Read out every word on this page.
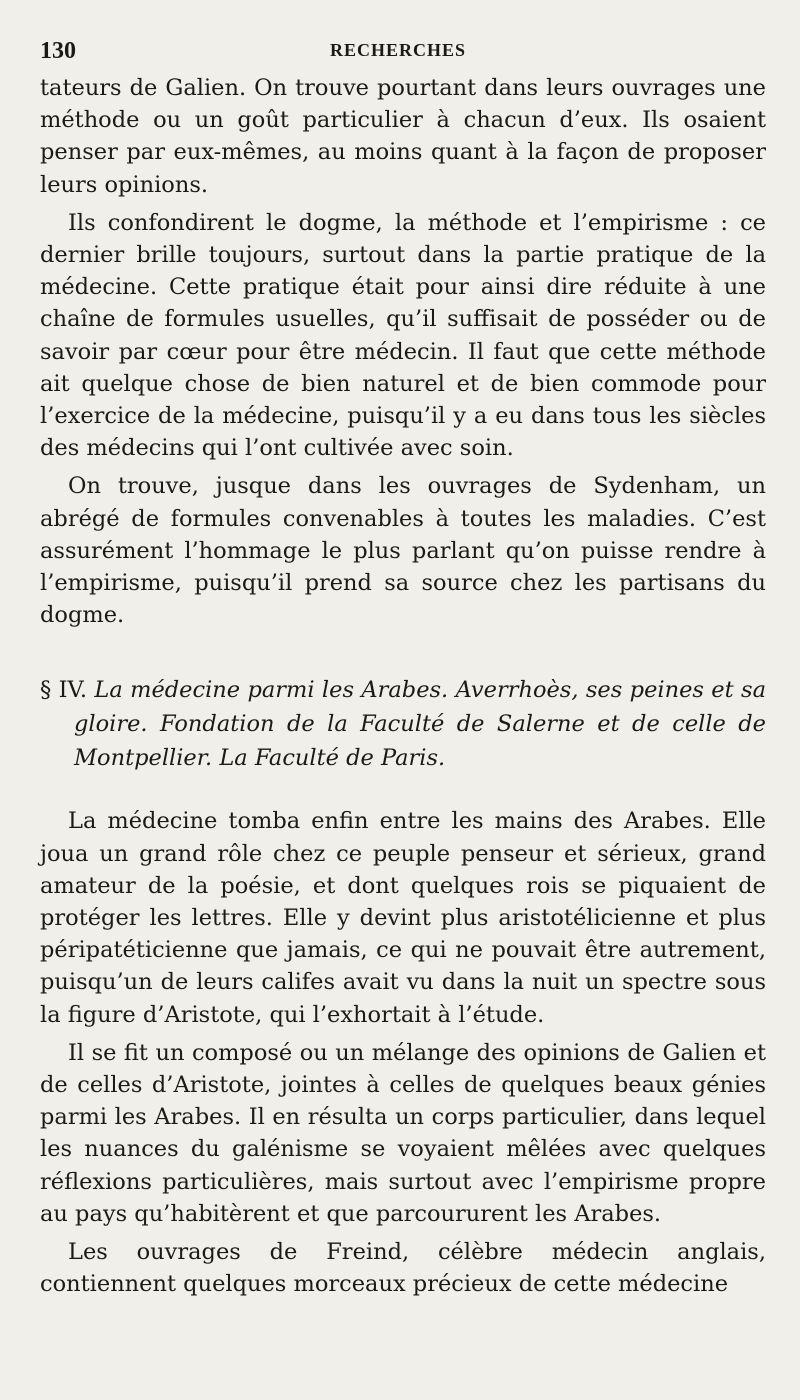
130	RECHERCHES

tateurs de Galien. On trouve pourtant dans leurs ouvrages une méthode ou un goût particulier à chacun d’eux. Ils osaient penser par eux-mêmes, au moins quant à la façon de proposer leurs opinions.

Ils confondirent le dogme, la méthode et l’empirisme : ce dernier brille toujours, surtout dans la partie pratique de la médecine. Cette pratique était pour ainsi dire réduite à une chaîne de formules usuelles, qu’il suffisait de posséder ou de savoir par cœur pour être médecin. Il faut que cette méthode ait quelque chose de bien naturel et de bien commode pour l’exercice de la médecine, puisqu’il y a eu dans tous les siècles des médecins qui l’ont cultivée avec soin.

On trouve, jusque dans les ouvrages de Sydenham, un abrégé de formules convenables à toutes les maladies. C’est assurément l’hommage le plus parlant qu’on puisse rendre à l’empirisme, puisqu’il prend sa source chez les partisans du dogme.

§ IV. La médecine parmi les Arabes. Averrhoès, ses peines et sa gloire. Fondation de la Faculté de Salerne et de celle de Montpellier. La Faculté de Paris.

La médecine tomba enfin entre les mains des Arabes. Elle joua un grand rôle chez ce peuple penseur et sérieux, grand amateur de la poésie, et dont quelques rois se piquaient de protéger les lettres. Elle y devint plus aristotélicienne et plus péripatéticienne que jamais, ce qui ne pouvait être autrement, puisqu’un de leurs califes avait vu dans la nuit un spectre sous la figure d’Aristote, qui l’exhortait à l’étude.

Il se fit un composé ou un mélange des opinions de Galien et de celles d’Aristote, jointes à celles de quelques beaux génies parmi les Arabes. Il en résulta un corps particulier, dans lequel les nuances du galénisme se voyaient mêlées avec quelques réflexions particulières, mais surtout avec l’empirisme propre au pays qu’habitèrent et que parcoururent les Arabes.

Les ouvrages de Freind, célèbre médecin anglais, contiennent quelques morceaux précieux de cette médecine
